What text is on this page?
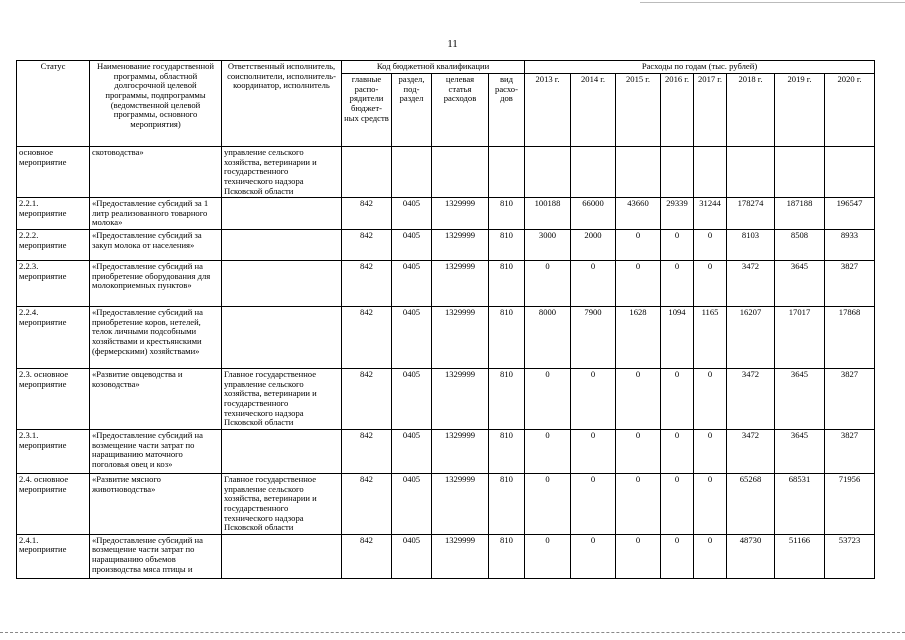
11
Статус	Наименование государственной программы, областной долгосрочной целевой программы, подпрограммы (ведомственной целевой программы, основного мероприятия)	Ответственный исполнитель, соисполнители, исполнитель-координатор, исполнитель	Код бюджетной квалификации				Расходы по годам (тыс. рублей)							
			главные распо-рядители бюджет-ных средств	раздел, под-раздел	целевая статья расходов	вид расхо-дов	2013 г.	2014 г.	2015 г.	2016 г.	2017 г.	2018 г.	2019 г.	2020 г.
основное мероприятие	скотоводства»	управление сельского хозяйства, ветеринарии и государственного технического надзора Псковской области												
2.2.1. мероприятие	«Предоставление субсидий за 1 литр реализованного товарного молока»		842	0405	1329999	810	100188	66000	43660	29339	31244	178274	187188	196547
2.2.2. мероприятие	«Предоставление субсидий за закуп молока от населения»		842	0405	1329999	810	3000	2000	0	0	0	8103	8508	8933
2.2.3. мероприятие	«Предоставление субсидий на приобретение оборудования для молокоприемных пунктов»		842	0405	1329999	810	0	0	0	0	0	3472	3645	3827
2.2.4. мероприятие	«Предоставление субсидий на приобретение коров, нетелей, телок личными подсобными хозяйствами и крестьянскими (фермерскими) хозяйствами»		842	0405	1329999	810	8000	7900	1628	1094	1165	16207	17017	17868
2.3. основное мероприятие	«Развитие овцеводства и козоводства»	Главное государственное управление сельского хозяйства, ветеринарии и государственного технического надзора Псковской области	842	0405	1329999	810	0	0	0	0	0	3472	3645	3827
2.3.1. мероприятие	«Предоставление субсидий на возмещение части затрат по наращиванию маточного поголовья овец и коз»		842	0405	1329999	810	0	0	0	0	0	3472	3645	3827
2.4. основное мероприятие	«Развитие мясного животноводства»	Главное государственное управление сельского хозяйства, ветеринарии и государственного технического надзора Псковской области	842	0405	1329999	810	0	0	0	0	0	65268	68531	71956
2.4.1. мероприятие	«Предоставление субсидий на возмещение части затрат по наращиванию объемов производства мяса птицы и		842	0405	1329999	810	0	0	0	0	0	48730	51166	53723
